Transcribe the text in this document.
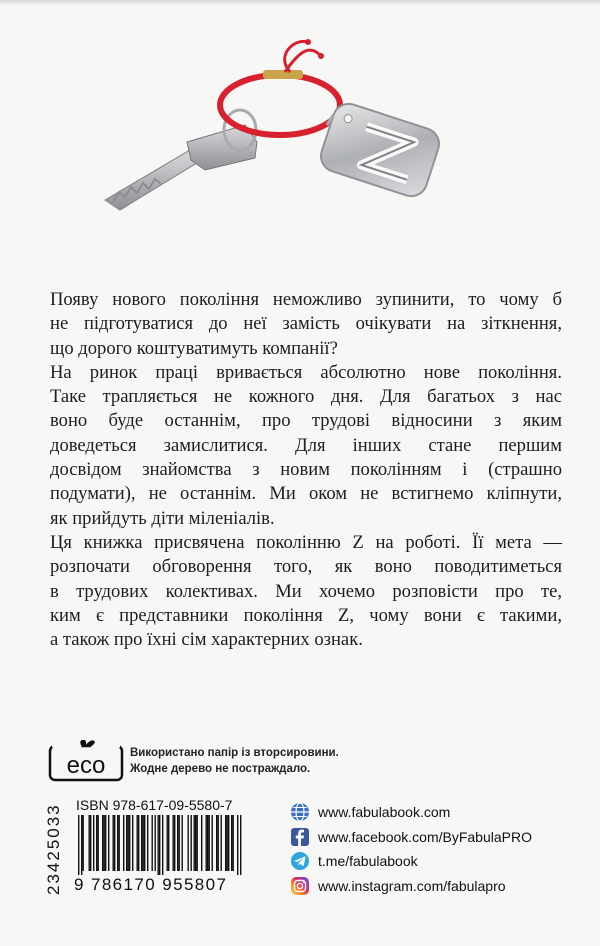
Появу нового покоління неможливо зупинити, то чому б
не підготуватися до неї замість очікувати на зіткнення,
що дорого коштуватимуть компанії?
На ринок праці вривається абсолютно нове покоління.
Таке трапляється не кожного дня. Для багатьох з нас
воно буде останнім, про трудові відносини з яким
доведеться замислитися. Для інших стане першим
досвідом знайомства з новим поколінням і (страшно
подумати), не останнім. Ми оком не встигнемо кліпнути,
як прийдуть діти міленіалів.
Ця книжка присвячена поколінню Z на роботі. Її мета —
розпочати обговорення того, як воно поводитиметься
в трудових колективах. Ми хочемо розповісти про те,
ким є представники покоління Z, чому вони є такими,
а також про їхні сім характерних ознак.
eco Використано папір із вторсировини.
Жодне дерево не постраждало.
23425033 ISBN 978-617-09-5580-7
9 786170 955807
www.fabulabook.com
www.facebook.com/ByFabulaPRO
t.me/fabulabook
www.instagram.com/fabulapro
